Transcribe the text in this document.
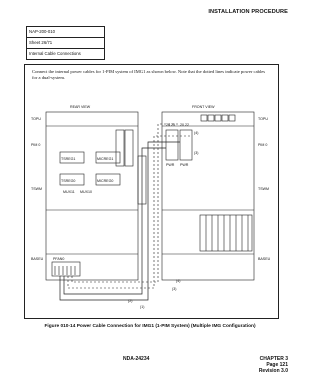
INSTALLATION PROCEDURE
NAP-200-010
Sheet 26/71
Internal Cable Connections
Connect the internal power cables for 1-PIM system of IMG1 as shown below. Note that the dotted lines indicate power cables for a dual-system.
REAR VIEW	FRONT VIEW
TOPU	TOPU
PIM 0	PIM 0
TSWM	TSWM
BASEU	BASEU
TSREG1
TSREG0
MUX11 MUX10
MICREG1
MICREG0
PFAN0
24 25 20 22
PWR PWR
(1)
(2)
(3)
(4)
(3)
(4)
Figure 010-14 Power Cable Connection for IMG1 (1-PIM System) (Multiple IMG Configuration)
NDA-24234	CHAPTER 3
Page 121
Revision 3.0
